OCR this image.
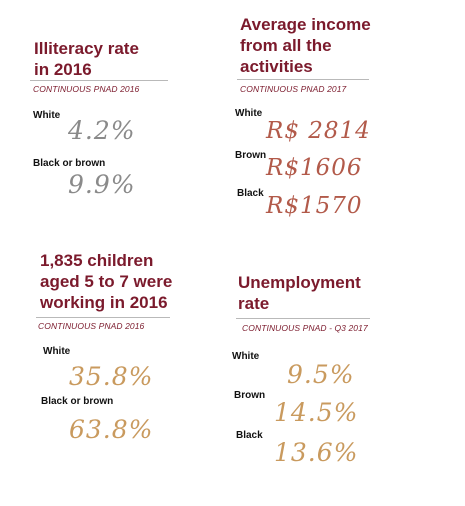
Illiteracy rate
in 2016
CONTINUOUS PNAD 2016
White
4.2%
Black or brown
9.9%
Average income
from all the
activities
CONTINUOUS PNAD 2017
White
R$ 2814
Brown R$1606
Black R$1570
1,835 children
aged 5 to 7 were
working in 2016
CONTINUOUS PNAD 2016
White
35.8%
Black or brown
63.8%
Unemployment
rate
CONTINUOUS PNAD - Q3 2017
White
9.5%
Brown
14.5%
Black
13.6%
